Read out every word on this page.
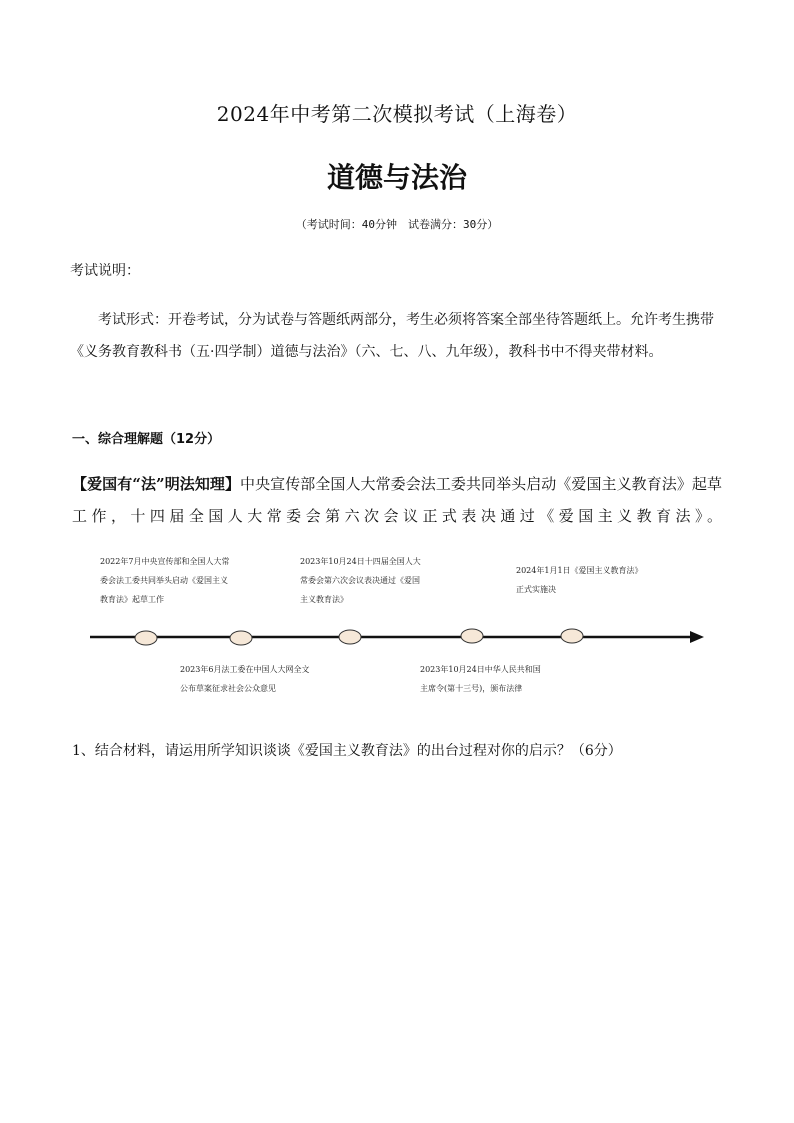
2024年中考第二次模拟考试（上海卷）
道德与法治
（考试时间：40分钟　试卷满分：30分）
考试说明：
考试形式：开卷考试，分为试卷与答题纸两部分，考生必须将答案全部坐待答题纸上。允许考生携带《义务教育教科书（五·四学制）道德与法治》（六、七、八、九年级），教科书中不得夹带材料。
一、综合理解题（12分）
【爱国有“法”明法知理】中央宣传部全国人大常委会法工委共同举头启动《爱国主义教育法》起草工作，十四届全国人大常委会第六次会议正式表决通过《爱国主义教育法》。
2022年7月中央宣传部和全国人大常委会法工委共同举头启动《爱国主义教育法》起草工作
2023年6月法工委在中国人大网全文公布草案征求社会公众意见
2023年10月24日十四届全国人大常委会第六次会议表决通过《爱国主义教育法》
2023年10月24日中华人民共和国主席令(第十三号)，颁布法律
2024年1月1日《爱国主义教育法》正式实施决
1、结合材料，请运用所学知识谈谈《爱国主义教育法》的出台过程对你的启示？（6分）
